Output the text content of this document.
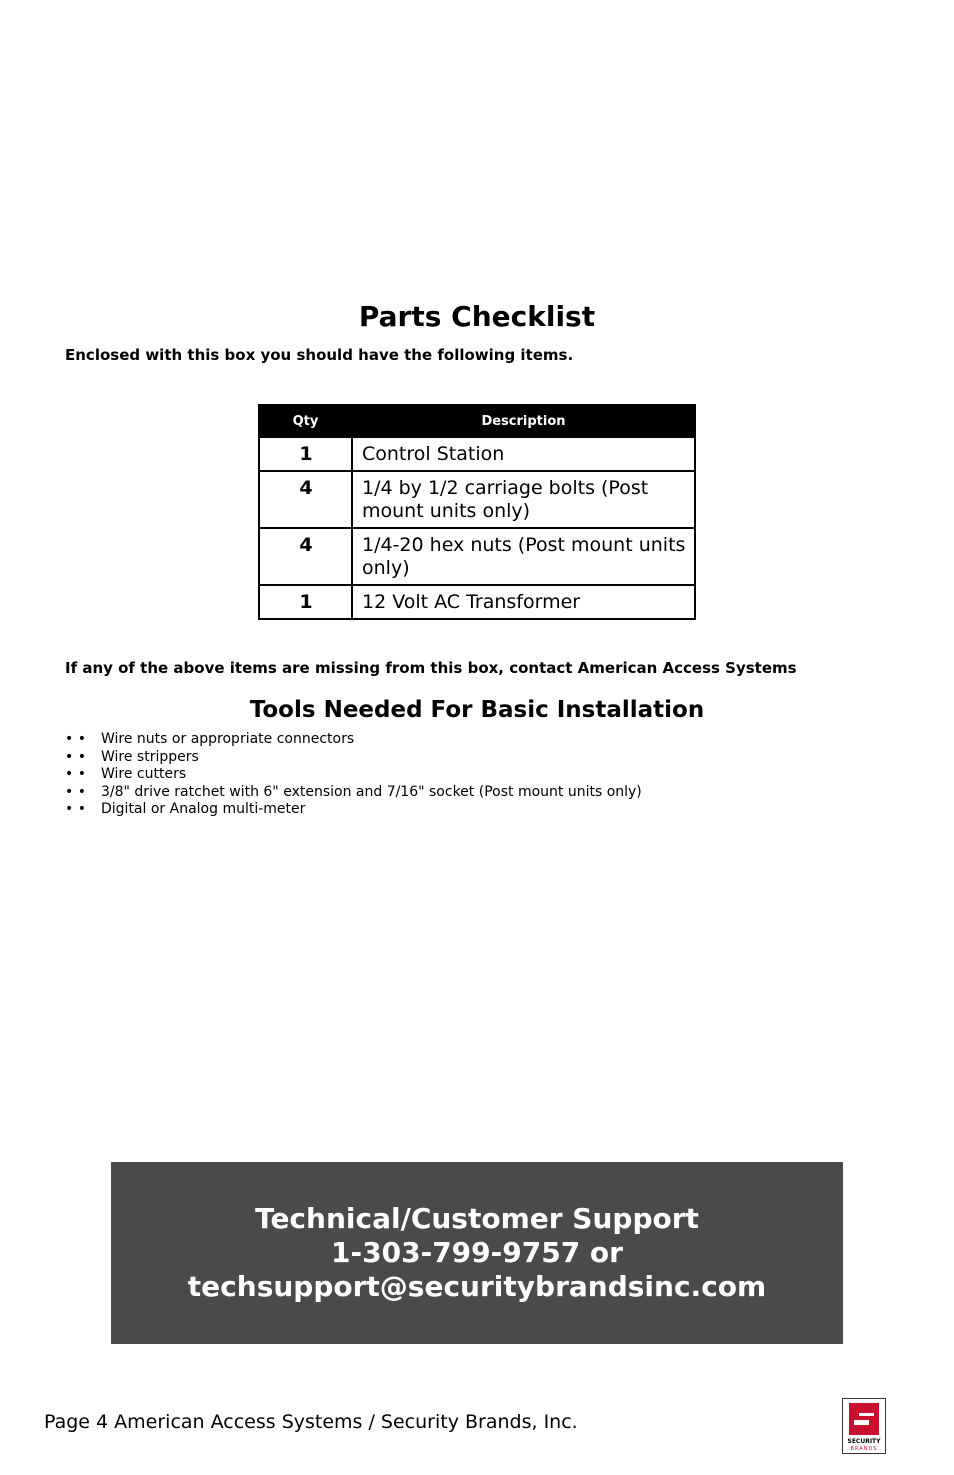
Parts Checklist
Enclosed with this box you should have the following items.
Qty	Description
1	Control Station
4	1/4 by 1/2 carriage bolts (Post mount units only)
4	1/4-20 hex nuts (Post mount units only)
1	12 Volt AC Transformer
If any of the above items are missing from this box, contact American Access Systems
Tools Needed For Basic Installation
• • Wire nuts or appropriate connectors
• • Wire strippers
• • Wire cutters
• • 3/8" drive ratchet with 6" extension and 7/16" socket (Post mount units only)
• • Digital or Analog multi-meter
Technical/Customer Support
1-303-799-9757 or
techsupport@securitybrandsinc.com
Page 4 American Access Systems / Security Brands, Inc.
SECURITY
BRANDS
